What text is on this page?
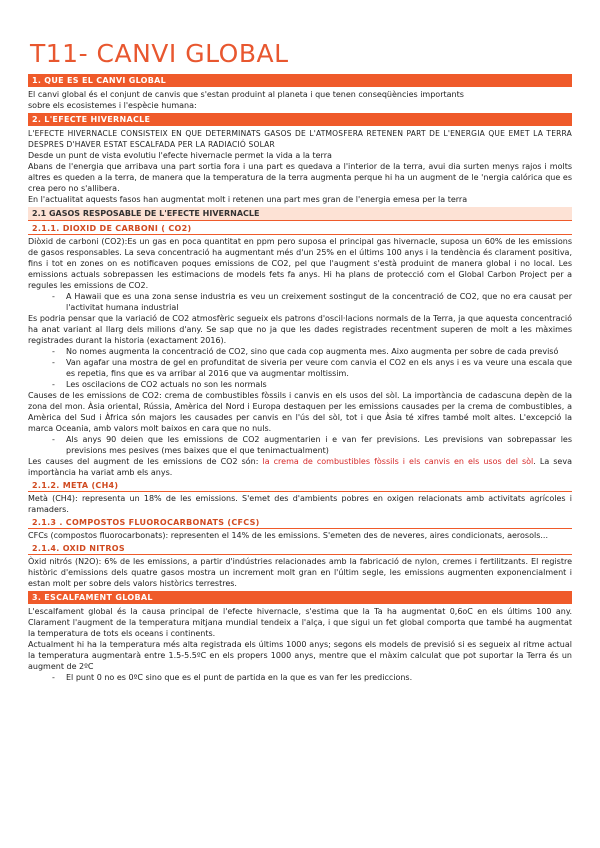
T11- CANVI GLOBAL
1. QUE ES EL CANVI GLOBAL

El canvi global és el conjunt de canvis que s'estan produint al planeta i que tenen conseqüències importants

sobre els ecosistemes i l'espècie humana:

2. L'EFECTE HIVERNACLE

L'EFECTE HIVERNACLE CONSISTEIX EN QUE DETERMINATS GASOS DE L'ATMOSFERA RETENEN PART DE L'ENERGIA QUE EMET LA TERRA DESPRES D'HAVER ESTAT ESCALFADA PER LA RADIACIÓ SOLAR

Desde un punt de vista evolutiu l'efecte hivernacle permet la vida a la terra

Abans de l'energia que arribava una part sortia fora i una part es quedava a l'interior de la terra, avui dia surten menys rajos i molts altres es queden a la terra, de manera que la temperatura de la terra augmenta perque hi ha un augment de le 'nergia calórica que es crea pero no s'allibera.

En l'actualitat aquests fasos han augmentat molt i retenen una part mes gran de l'energia emesa per la terra

2.1 GASOS RESPOSABLE DE L'EFECTE HIVERNACLE
2.1.1. DIOXID DE CARBONI ( CO2)

Diòxid de carboni (CO2):Es un gas en poca quantitat en ppm pero suposa el principal gas hivernacle, suposa un 60% de les emissions de gasos responsables. La seva concentració ha augmentant més d'un 25% en el últims 100 anys i la tendència és clarament positiva, fins i tot en zones on es notificaven poques emissions de CO2, pel que l'augment s'està produint de manera global i no local. Les emissions actuals sobrepassen les estimacions de models fets fa anys. Hi ha plans de protecció com el Global Carbon Project per a regules les emissions de CO2.

- A Hawaii que es una zona sense industria es veu un creixement sostingut de la concentració de CO2, que no era causat per l'activitat humana industrial

Es podria pensar que la variació de CO2 atmosfèric segueix els patrons d'oscil·lacions normals de la Terra, ja que aquesta concentració ha anat variant al llarg dels milions d'any. Se sap que no ja que les dades registrades recentment superen de molt a les màximes registrades durant la historia (exactament 2016).

- No nomes augmenta la concentració de CO2, sino que cada cop augmenta mes. Aixo augmenta per sobre de cada previsó
- Van agafar una mostra de gel en profunditat de siveria per veure com canvia el CO2 en els anys i es va veure una escala que es repetia, fins que es va arribar al 2016 que va augmentar moltissim.
- Les oscilacions de CO2 actuals no son les normals

Causes de les emissions de CO2: crema de combustibles fòssils i canvis en els usos del sòl. La importància de cadascuna depèn de la zona del mon. Àsia oriental, Rússia, Amèrica del Nord i Europa destaquen per les emissions causades per la crema de combustibles, a Amèrica del Sud i Àfrica són majors les causades per canvis en l'ús del sòl, tot i que Àsia té xifres també molt altes. L'excepció la marca Oceania, amb valors molt baixos en cara que no nuls.

- Als anys 90 deien que les emissions de CO2 augmentarien i e van fer previsions. Les previsions van sobrepassar les previsions mes pesives (mes baixes que el que tenimactualment)

Les causes del augment de les emissions de CO2 són: la crema de combustibles fòssils i els canvis en els usos del sòl. La seva importància ha variat amb els anys.

2.1.2. META (CH4)

Metà (CH4): representa un 18% de les emissions. S'emet des d'ambients pobres en oxigen relacionats amb activitats agrícoles i ramaders.

2.1.3 . COMPOSTOS FLUOROCARBONATS (CFCS)

CFCs (compostos fluorocarbonats): representen el 14% de les emissions. S'emeten des de neveres, aires condicionats, aerosols...

2.1.4. OXID NITROS

Òxid nitrós (N2O): 6% de les emissions, a partir d'indústries relacionades amb la fabricació de nylon, cremes i fertilitzants. El registre històric d'emissions dels quatre gasos mostra un increment molt gran en l'últim segle, les emissions augmenten exponencialment i estan molt per sobre dels valors històrics terrestres.

3. ESCALFAMENT GLOBAL

L'escalfament global és la causa principal de l'efecte hivernacle, s'estima que la Ta ha augmentat 0,6oC en els últims 100 any. Clarament l'augment de la temperatura mitjana mundial tendeix a l'alça, i que sigui un fet global comporta que també ha augmentat la temperatura de tots els oceans i continents.

Actualment hi ha la temperatura més alta registrada els últims 1000 anys; segons els models de previsió si es segueix al ritme actual la temperatura augmentarà entre 1.5-5.5ºC en els propers 1000 anys, mentre que el màxim calculat que pot suportar la Terra és un augment de 2ºC

- El punt 0 no es 0ºC sino que es el punt de partida en la que es van fer les prediccions.
